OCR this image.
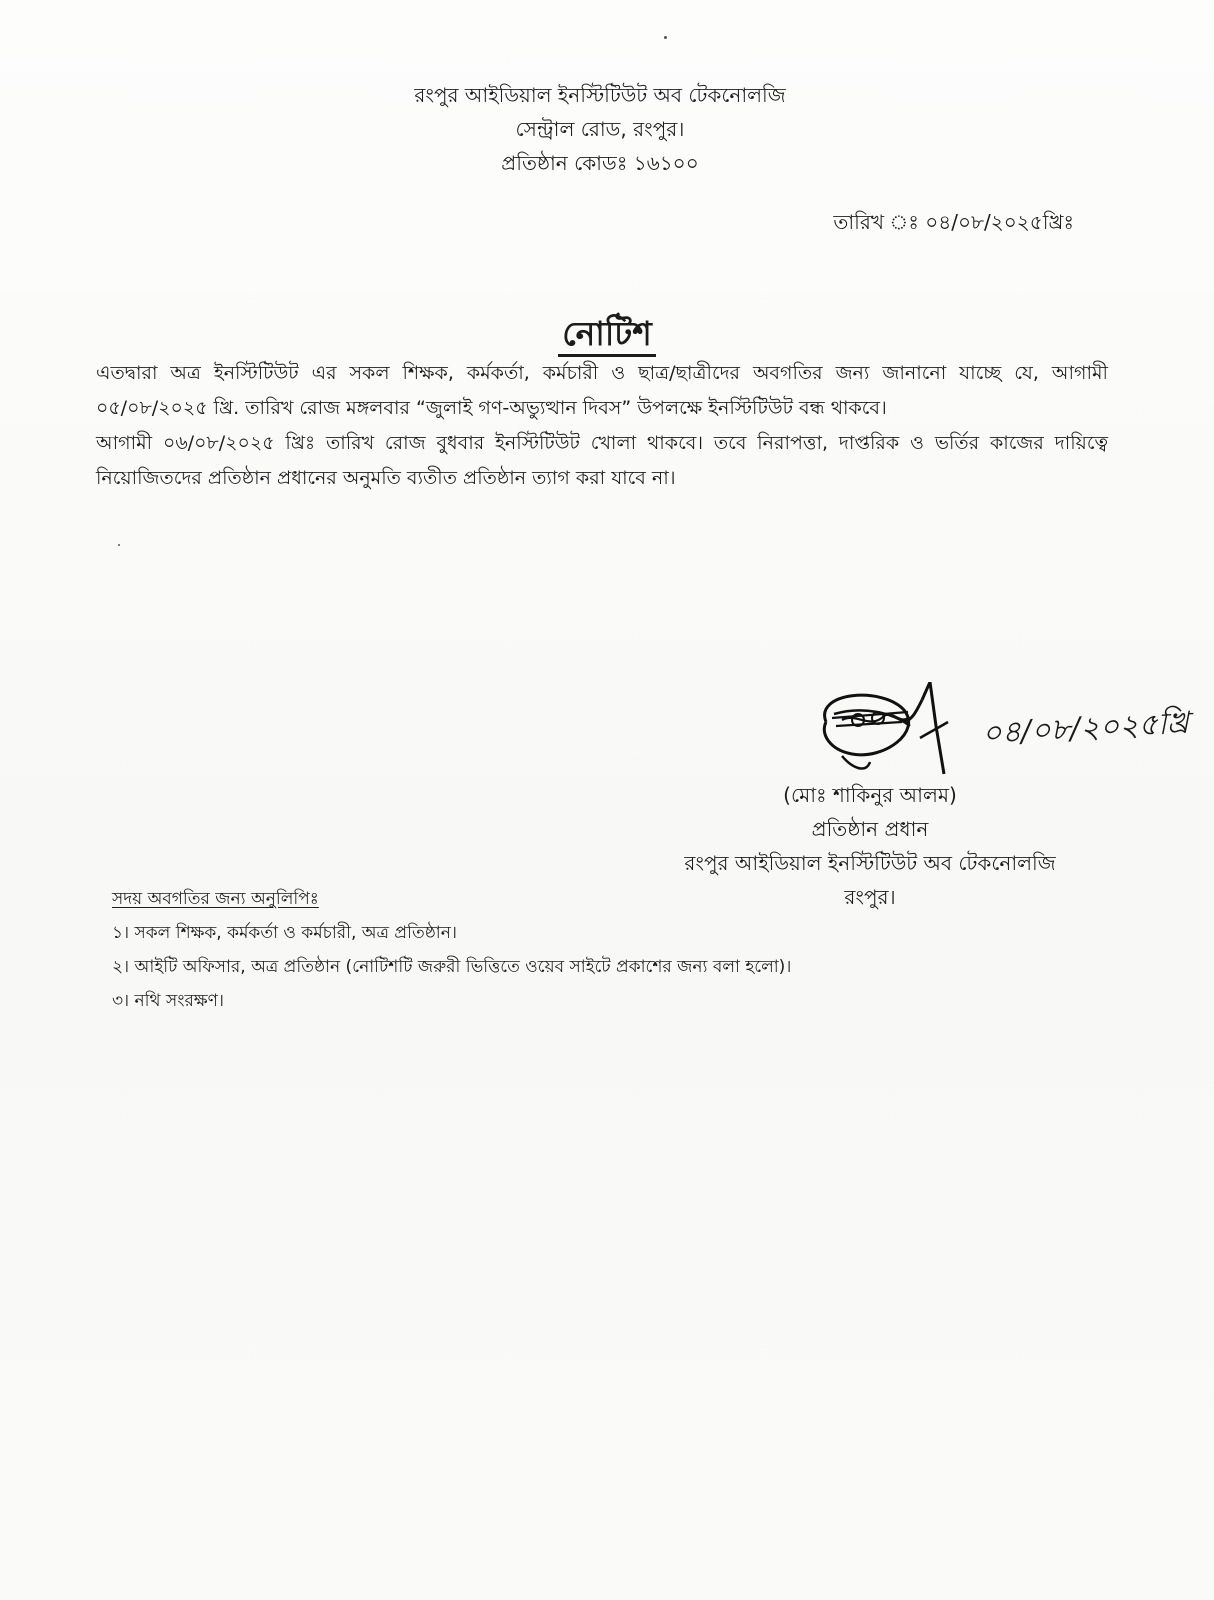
রংপুর আইডিয়াল ইনস্টিটিউট অব টেকনোলজি
সেন্ট্রাল রোড, রংপুর।
প্রতিষ্ঠান কোডঃ ১৬১০০
তারিখ ঃ ০৪/০৮/২০২৫খ্রিঃ
নোটিশ

এতদ্বারা অত্র ইনস্টিটিউট এর সকল শিক্ষক, কর্মকর্তা, কর্মচারী ও ছাত্র/ছাত্রীদের অবগতির জন্য জানানো যাচ্ছে যে, আগামী ০৫/০৮/২০২৫ খ্রি. তারিখ রোজ মঙ্গলবার “জুলাই গণ-অভ্যুত্থান দিবস” উপলক্ষে ইনস্টিটিউট বন্ধ থাকবে।

আগামী ০৬/০৮/২০২৫ খ্রিঃ তারিখ রোজ বুধবার ইনস্টিটিউট খোলা থাকবে। তবে নিরাপত্তা, দাপ্তরিক ও ভর্তির কাজের দায়িত্বে নিয়োজিতদের প্রতিষ্ঠান প্রধানের অনুমতি ব্যতীত প্রতিষ্ঠান ত্যাগ করা যাবে না।

০৪/০৮/২০২৫খ্রি
(মোঃ শাকিনুর আলম)
প্রতিষ্ঠান প্রধান
রংপুর আইডিয়াল ইনস্টিটিউট অব টেকনোলজি
রংপুর।
সদয় অবগতির জন্য অনুলিপিঃ
১। সকল শিক্ষক, কর্মকর্তা ও কর্মচারী, অত্র প্রতিষ্ঠান।
২। আইটি অফিসার, অত্র প্রতিষ্ঠান (নোটিশটি জরুরী ভিত্তিতে ওয়েব সাইটে প্রকাশের জন্য বলা হলো)।
৩। নথি সংরক্ষণ।
